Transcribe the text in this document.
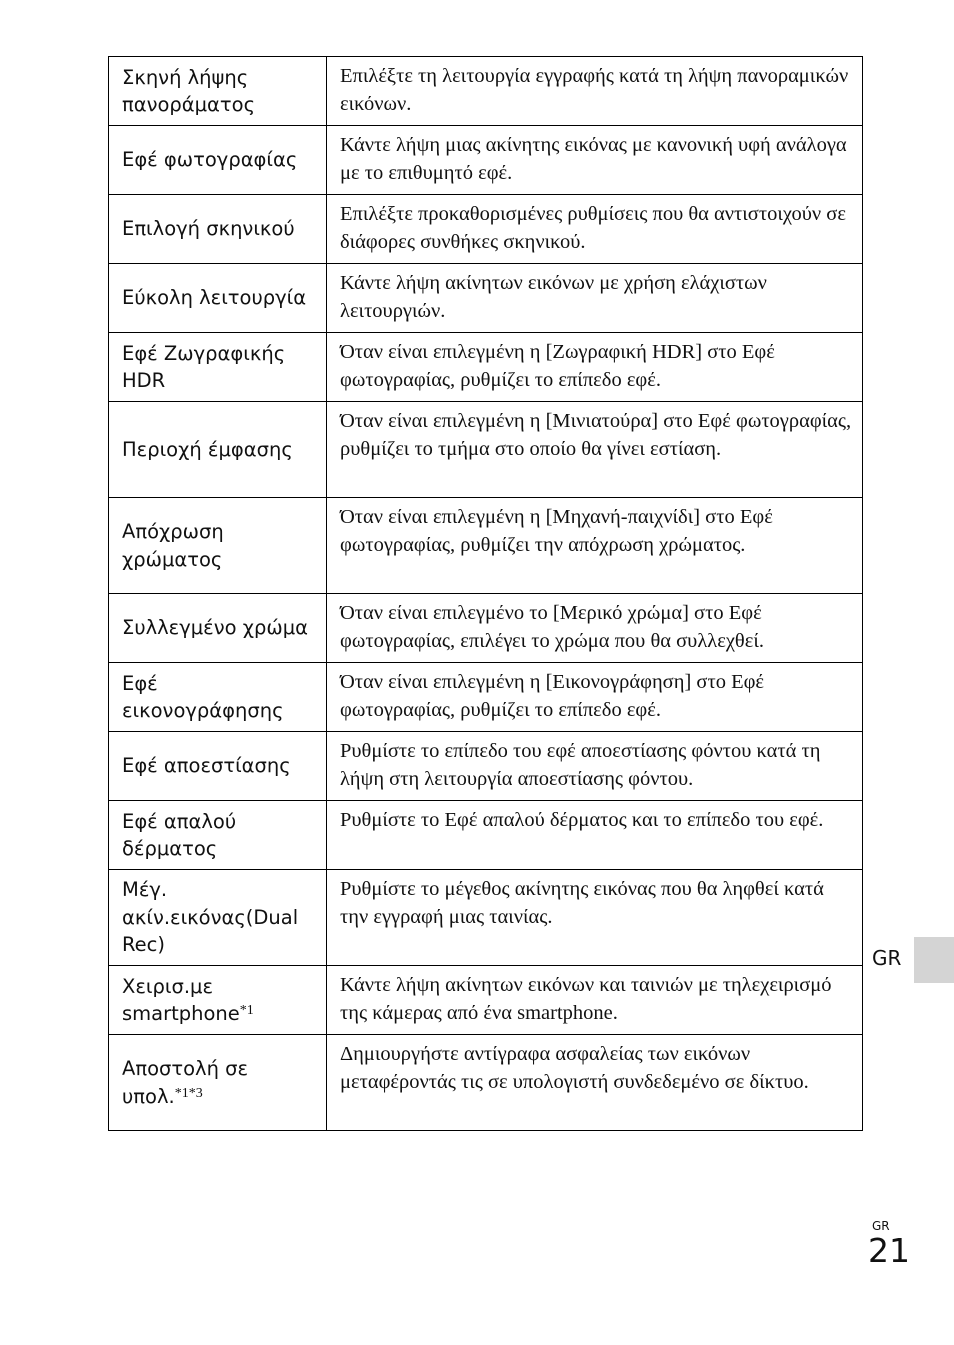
Σκηνή λήψης πανοράματος	Επιλέξτε τη λειτουργία εγγραφής κατά τη λήψη πανοραμικών εικόνων.
Εφέ φωτογραφίας	Κάντε λήψη μιας ακίνητης εικόνας με κανονική υφή ανάλογα με το επιθυμητό εφέ.
Επιλογή σκηνικού	Επιλέξτε προκαθορισμένες ρυθμίσεις που θα αντιστοιχούν σε διάφορες συνθήκες σκηνικού.
Εύκολη λειτουργία	Κάντε λήψη ακίνητων εικόνων με χρήση ελάχιστων λειτουργιών.
Εφέ Ζωγραφικής HDR	Όταν είναι επιλεγμένη η [Ζωγραφική HDR] στο Εφέ φωτογραφίας, ρυθμίζει το επίπεδο εφέ.
Περιοχή έμφασης	Όταν είναι επιλεγμένη η [Μινιατούρα] στο Εφέ φωτογραφίας, ρυθμίζει το τμήμα στο οποίο θα γίνει εστίαση.
Απόχρωση χρώματος	Όταν είναι επιλεγμένη η [Μηχανή-παιχνίδι] στο Εφέ φωτογραφίας, ρυθμίζει την απόχρωση χρώματος.
Συλλεγμένο χρώμα	Όταν είναι επιλεγμένο το [Μερικό χρώμα] στο Εφέ φωτογραφίας, επιλέγει το χρώμα που θα συλλεχθεί.
Εφέ εικονογράφησης	Όταν είναι επιλεγμένη η [Εικονογράφηση] στο Εφέ φωτογραφίας, ρυθμίζει το επίπεδο εφέ.
Εφέ αποεστίασης	Ρυθμίστε το επίπεδο του εφέ αποεστίασης φόντου κατά τη λήψη στη λειτουργία αποεστίασης φόντου.
Εφέ απαλού δέρματος	Ρυθμίστε το Εφέ απαλού δέρματος και το επίπεδο του εφέ.
Μέγ. ακίν.εικόνας(Dual Rec)	Ρυθμίστε το μέγεθος ακίνητης εικόνας που θα ληφθεί κατά την εγγραφή μιας ταινίας.
Χειρισ.με smartphone$^{*1}$	Κάντε λήψη ακίνητων εικόνων και ταινιών με τηλεχειρισμό της κάμερας από ένα smartphone.
Αποστολή σε υπολ.$^{*1*3}$	Δημιουργήστε αντίγραφα ασφαλείας των εικόνων μεταφέροντάς τις σε υπολογιστή συνδεδεμένο σε δίκτυο.
GR
GR
21
